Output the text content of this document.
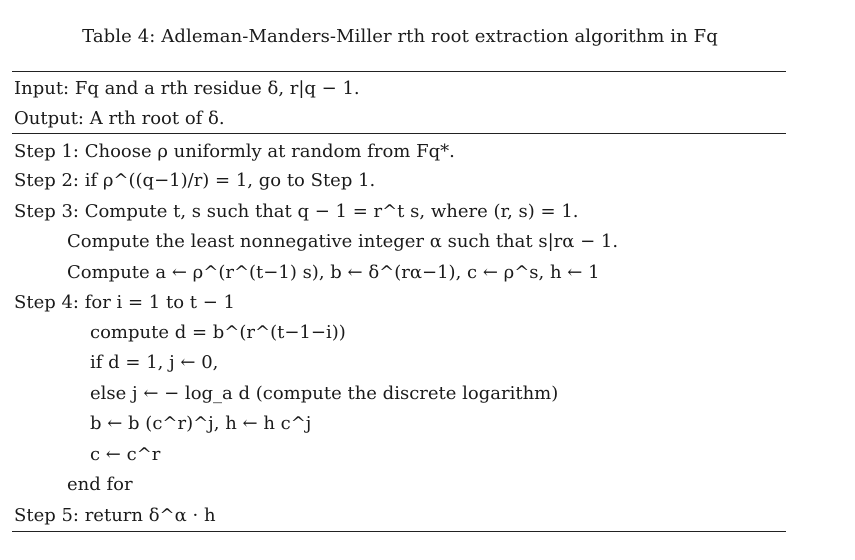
Table 4: Adleman-Manders-Miller rth root extraction algorithm in Fq
Input: Fq and a rth residue δ, r|q − 1.
Output: A rth root of δ.
Step 1: Choose ρ uniformly at random from Fq*.
Step 2: if ρ^((q−1)/r) = 1, go to Step 1.
Step 3: Compute t, s such that q − 1 = r^t s, where (r, s) = 1.
Compute the least nonnegative integer α such that s|rα − 1.
Compute a ← ρ^(r^(t−1) s), b ← δ^(rα−1), c ← ρ^s, h ← 1
Step 4: for i = 1 to t − 1
compute d = b^(r^(t−1−i))
if d = 1, j ← 0,
else j ← − log_a d (compute the discrete logarithm)
b ← b (c^r)^j, h ← h c^j
c ← c^r
end for
Step 5: return δ^α · h
